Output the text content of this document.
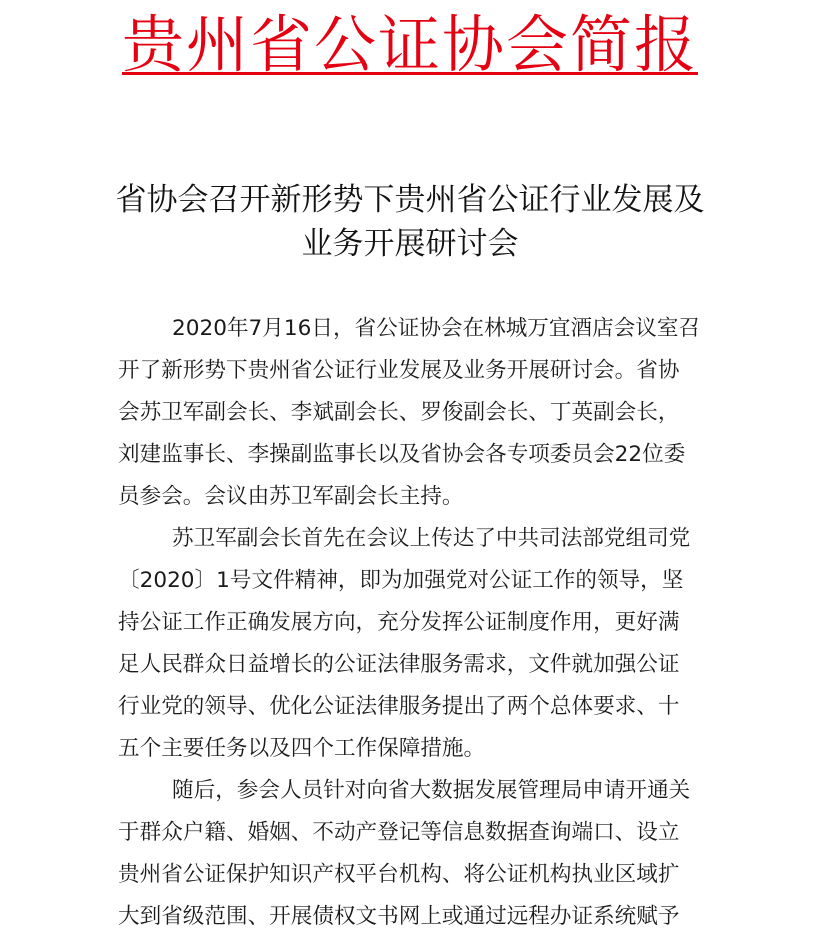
贵州省公证协会简报
省协会召开新形势下贵州省公证行业发展及
业务开展研讨会
2020年7月16日，省公证协会在林城万宜酒店会议室召
开了新形势下贵州省公证行业发展及业务开展研讨会。省协
会苏卫军副会长、李斌副会长、罗俊副会长、丁英副会长，
刘建监事长、李操副监事长以及省协会各专项委员会22位委
员参会。会议由苏卫军副会长主持。
苏卫军副会长首先在会议上传达了中共司法部党组司党
〔2020〕1号文件精神，即为加强党对公证工作的领导，坚
持公证工作正确发展方向，充分发挥公证制度作用，更好满
足人民群众日益增长的公证法律服务需求，文件就加强公证
行业党的领导、优化公证法律服务提出了两个总体要求、十
五个主要任务以及四个工作保障措施。
随后，参会人员针对向省大数据发展管理局申请开通关
于群众户籍、婚姻、不动产登记等信息数据查询端口、设立
贵州省公证保护知识产权平台机构、将公证机构执业区域扩
大到省级范围、开展债权文书网上或通过远程办证系统赋予
